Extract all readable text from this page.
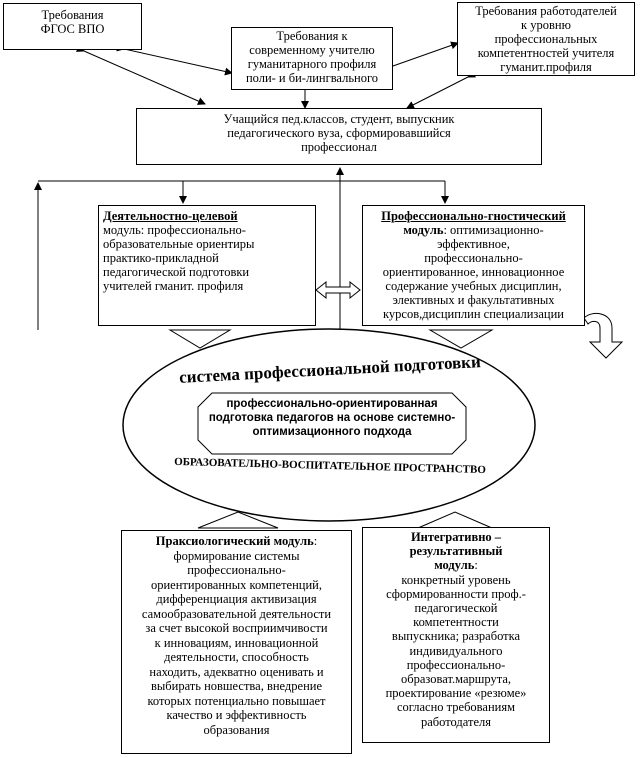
Требования
ФГОС ВПО	Требования к
современному учителю
гуманитарного профиля
поли- и би-лингвального
Требования работодателей
к уровню
профессиональных
компетентностей учителя
гуманит.профиля
Учащийся пед.классов, студент, выпускник
педагогического вуза, сформировавшийся
профессионал
Деятельностно-целевой
модуль: профессионально-
образовательные ориентиры
практико-прикладной
педагогической подготовки
учителей гманит. профиля
Профессионально-гностический
модуль: оптимизационно-
эффективное,
профессионально-
ориентированное, инновационное
содержание учебных дисциплин,
элективных и факультативных
курсов,дисциплин специализации
система профессиональной подготовки
профессионально-ориентированная
подготовка педагогов на основе системно-
оптимизационного подхода
ОБРАЗОВАТЕЛЬНО-ВОСПИТАТЕЛЬНОЕ ПРОСТРАНСТВО
Праксиологический модуль:
формирование системы
профессионально-
ориентированных компетенций,
дифференциация активизация
самообразовательной деятельности
за счет высокой восприимчивости
к инновациям, инновационной
деятельности, способность
находить, адекватно оценивать и
выбирать новшества, внедрение
которых потенциально повышает
качество и эффективность
образования
Интегративно –
результативный
модуль:
конкретный уровень
сформированности проф.-
педагогической
компетентности
выпускника; разработка
индивидуального
профессионально-
образоват.маршрута,
проектирование «резюме»
согласно требованиям
работодателя
